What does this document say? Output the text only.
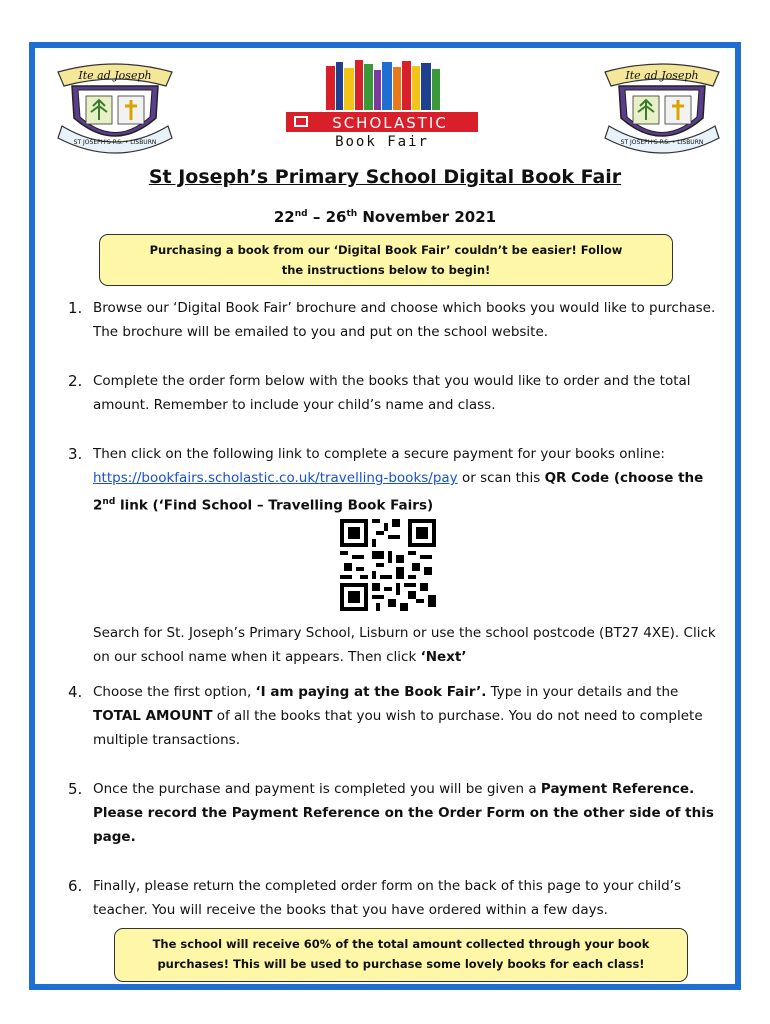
Ite ad Joseph
ST JOSEPH'S P.S. • LISBURN
SCHOLASTIC
Book Fair
Ite ad Joseph
ST JOSEPH'S P.S. • LISBURN
St Joseph’s Primary School Digital Book Fair
22nd – 26th November 2021
Purchasing a book from our ‘Digital Book Fair’ couldn’t be easier! Follow the instructions below to begin!
1. Browse our ‘Digital Book Fair’ brochure and choose which books you would like to purchase. The brochure will be emailed to you and put on the school website.
2. Complete the order form below with the books that you would like to order and the total amount. Remember to include your child’s name and class.
3. Then click on the following link to complete a secure payment for your books online: https://bookfairs.scholastic.co.uk/travelling-books/pay or scan this QR Code (choose the 2nd link (‘Find School – Travelling Book Fairs)
Search for St. Joseph’s Primary School, Lisburn or use the school postcode (BT27 4XE). Click on our school name when it appears. Then click ‘Next’
4. Choose the first option, ‘I am paying at the Book Fair’. Type in your details and the TOTAL AMOUNT of all the books that you wish to purchase. You do not need to complete multiple transactions.
5. Once the purchase and payment is completed you will be given a Payment Reference. Please record the Payment Reference on the Order Form on the other side of this page.
6. Finally, please return the completed order form on the back of this page to your child’s teacher. You will receive the books that you have ordered within a few days.
The school will receive 60% of the total amount collected through your book purchases! This will be used to purchase some lovely books for each class!
